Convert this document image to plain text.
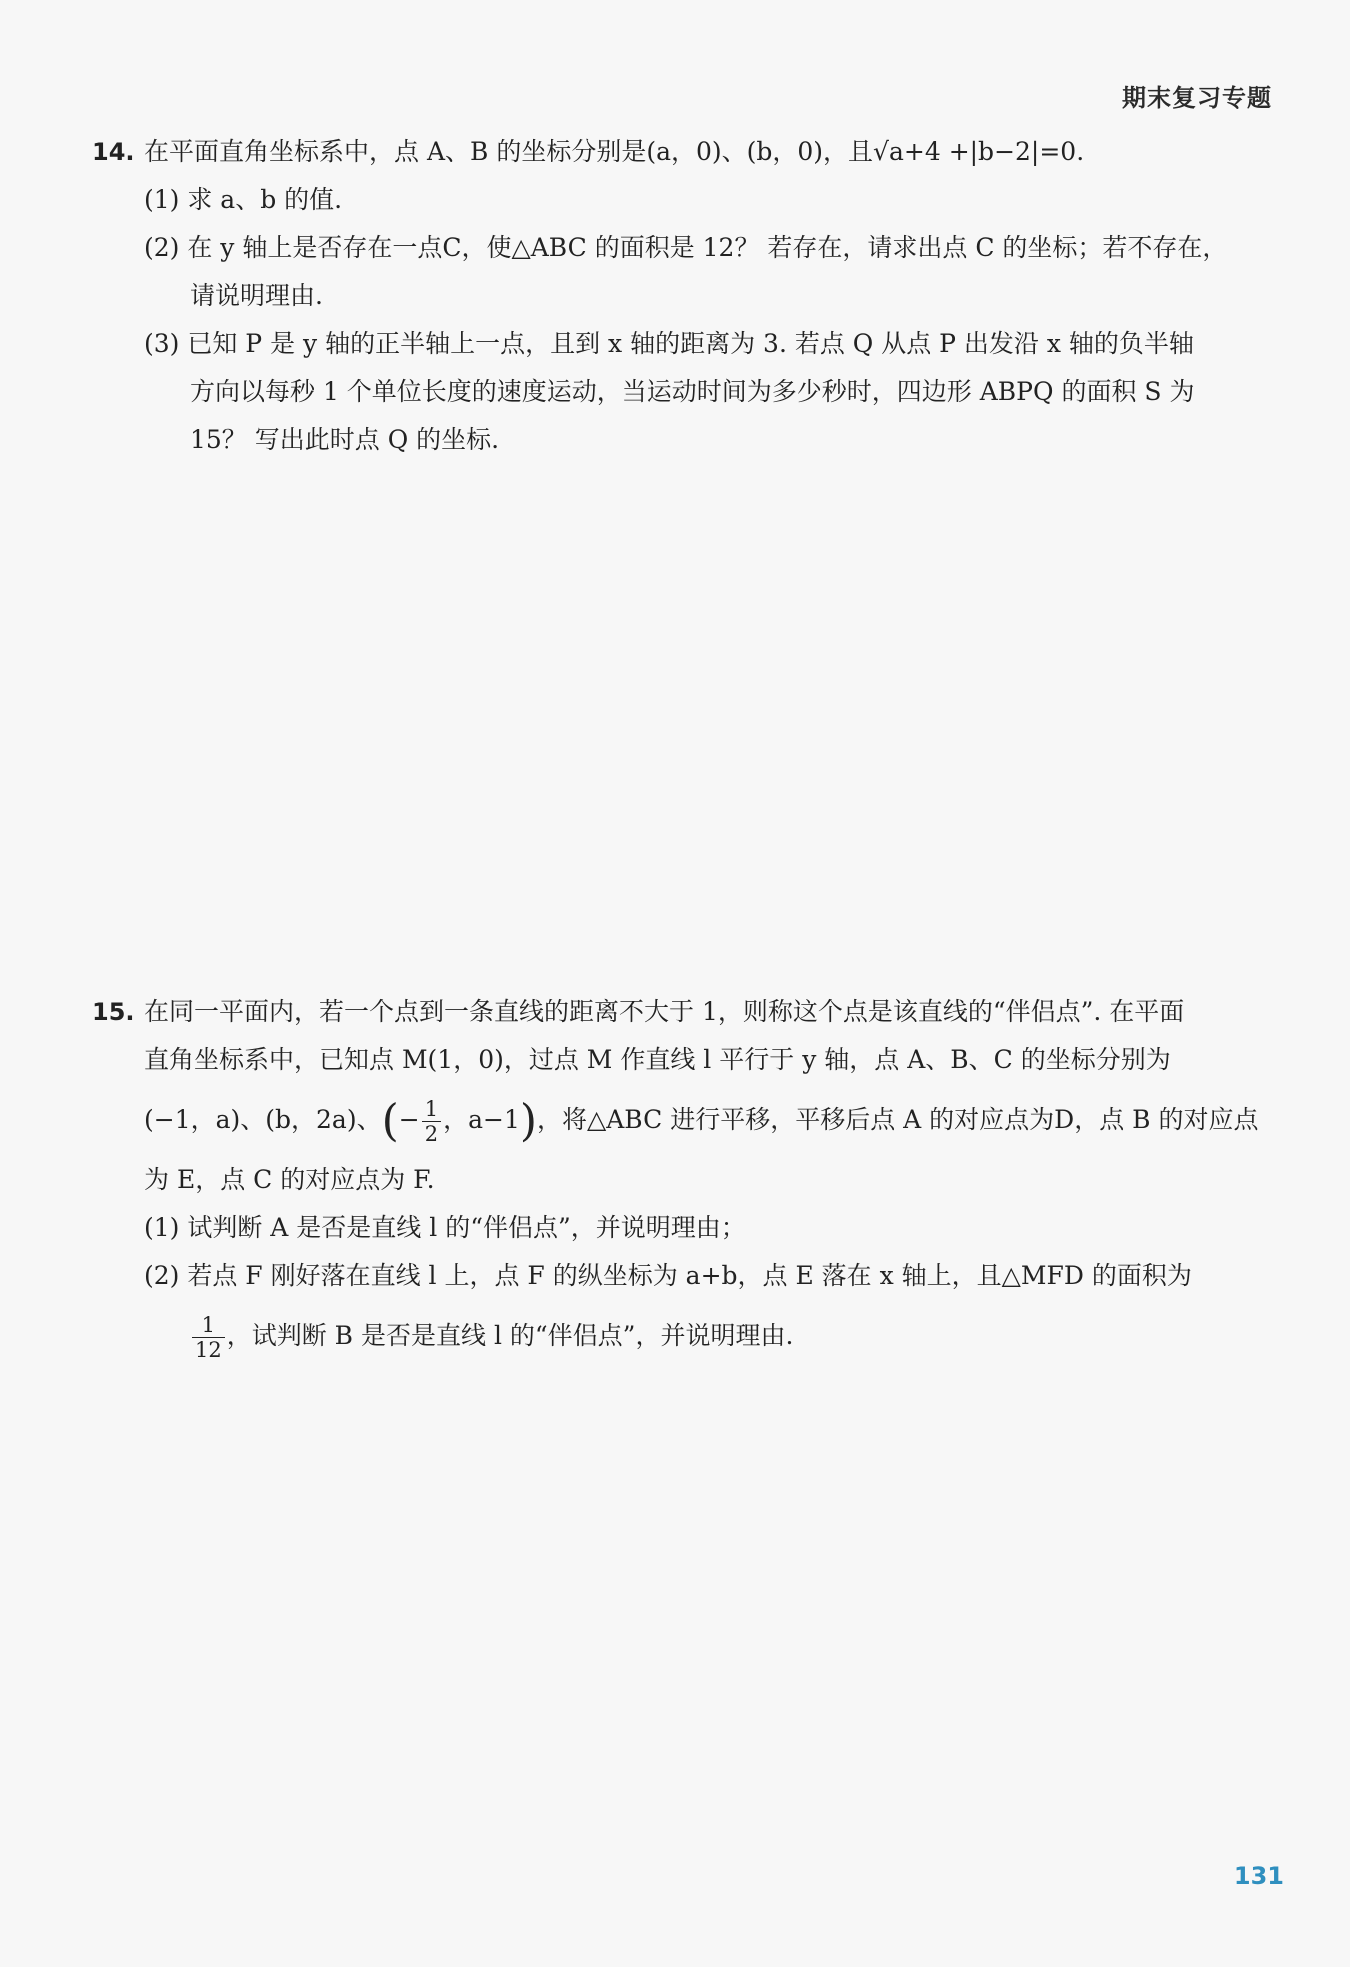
期末复习专题
14. 在平面直角坐标系中，点 A、B 的坐标分别是(a，0)、(b，0)，且√a+4 +|b−2|=0.
(1) 求 a、b 的值.
(2) 在 y 轴上是否存在一点C，使△ABC 的面积是 12？ 若存在，请求出点 C 的坐标；若不存在，
请说明理由.
(3) 已知 P 是 y 轴的正半轴上一点，且到 x 轴的距离为 3. 若点 Q 从点 P 出发沿 x 轴的负半轴
方向以每秒 1 个单位长度的速度运动，当运动时间为多少秒时，四边形 ABPQ 的面积 S 为
15？ 写出此时点 Q 的坐标.
15. 在同一平面内，若一个点到一条直线的距离不大于 1，则称这个点是该直线的“伴侣点”. 在平面
直角坐标系中，已知点 M(1，0)，过点 M 作直线 l 平行于 y 轴，点 A、B、C 的坐标分别为
(−1，a)、(b，2a)、(− $\frac{1}{2}$ ，a−1)，将△ABC 进行平移，平移后点 A 的对应点为D，点 B 的对应点
为 E，点 C 的对应点为 F.
(1) 试判断 A 是否是直线 l 的“伴侣点”，并说明理由；
(2) 若点 F 刚好落在直线 l 上，点 F 的纵坐标为 a+b，点 E 落在 x 轴上，且△MFD 的面积为
$\frac{1}{12}$ ，试判断 B 是否是直线 l 的“伴侣点”，并说明理由.
131
